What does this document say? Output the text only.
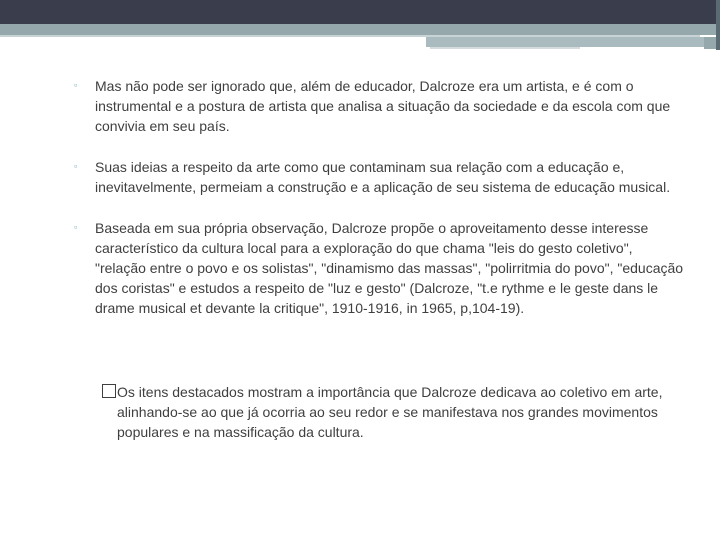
▫	Mas não pode ser ignorado que, além de educador, Dalcroze era um artista, e é com o instrumental e a postura de artista que analisa a situação da sociedade e da escola com que convivia em seu país.
▫	Suas ideias a respeito da arte como que contaminam sua relação com a educação e, inevitavelmente, permeiam a construção e a aplicação de seu sistema de educação musical.
▫	Baseada em sua própria observação, Dalcroze propõe o aproveitamento desse interesse característico da cultura local para a exploração do que chama "leis do gesto coletivo", "relação entre o povo e os solistas", "dinamismo das massas", "polirritmia do povo", "educação dos coristas" e estudos a respeito de "luz e gesto" (Dalcroze, "t.e rythme e le geste dans le drame musical et devante la critique", 1910-1916, in 1965, p,104-19).
Os itens destacados mostram a importância que Dalcroze dedicava ao coletivo em arte, alinhando-se ao que já ocorria ao seu redor e se manifestava nos grandes movimentos populares e na massificação da cultura.
